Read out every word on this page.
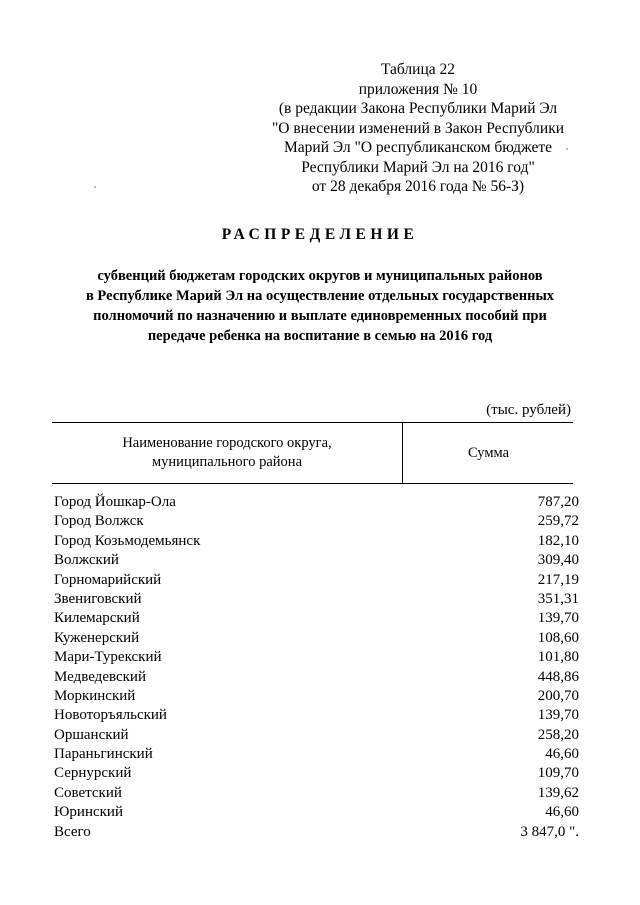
Таблица 22
приложения № 10
(в редакции Закона Республики Марий Эл
"О внесении изменений в Закон Республики
Марий Эл "О республиканском бюджете
Республики Марий Эл на 2016 год"
от 28 декабря 2016 года № 56-З)
РАСПРЕДЕЛЕНИЕ
субвенций бюджетам городских округов и муниципальных районов
в Республике Марий Эл на осуществление отдельных государственных
полномочий по назначению и выплате единовременных пособий при
передаче ребенка на воспитание в семью на 2016 год
(тыс. рублей)
Наименование городского округа,
муниципального района
Сумма
Город Йошкар-Ола	787,20
Город Волжск	259,72
Город Козьмодемьянск	182,10
Волжский	309,40
Горномарийский	217,19
Звениговский	351,31
Килемарский	139,70
Куженерский	108,60
Мари-Турекский	101,80
Медведевский	448,86
Моркинский	200,70
Новоторъяльский	139,70
Оршанский	258,20
Параньгинский	46,60
Сернурский	109,70
Советский	139,62
Юринский	46,60
Всего	3 847,0 ".
